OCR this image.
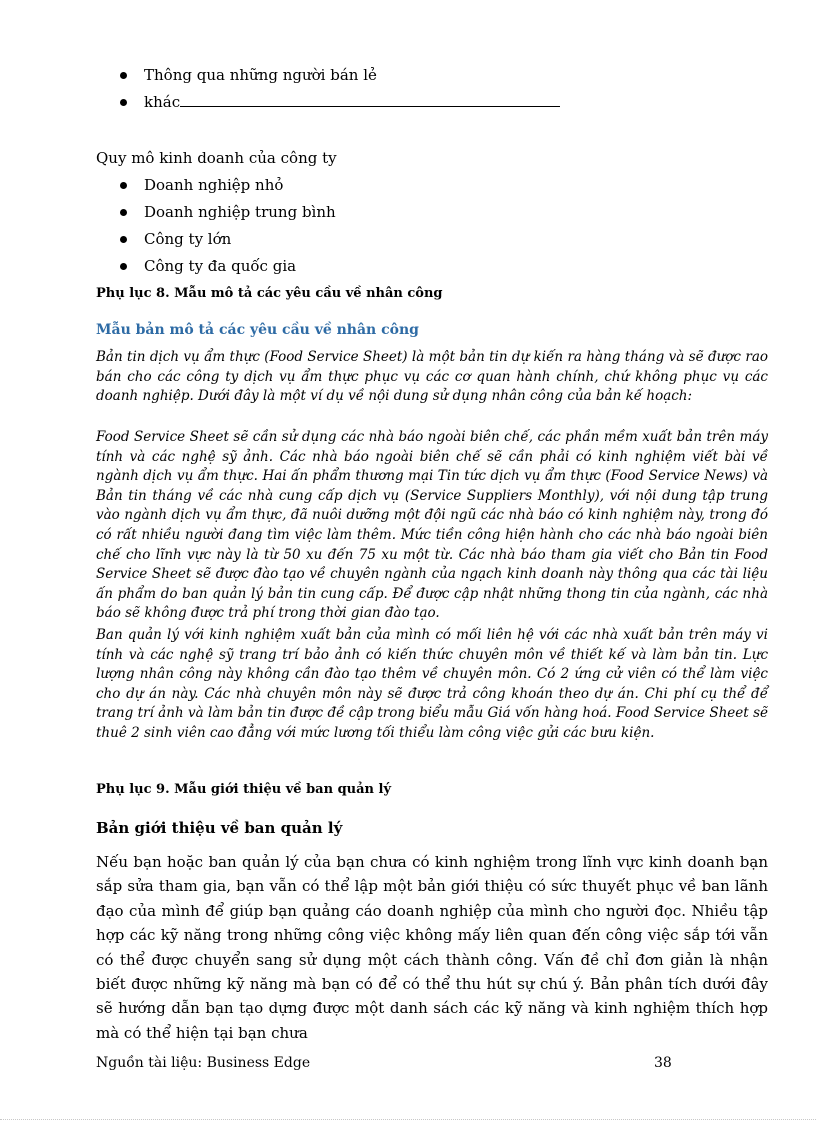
Thông qua những người bán lẻ
khác
Quy mô kinh doanh của công ty
Doanh nghiệp nhỏ
Doanh nghiệp trung bình
Công ty lớn
Công ty đa quốc gia
Phụ lục 8. Mẫu mô tả các yêu cầu về nhân công
Mẫu bản mô tả các yêu cầu về nhân công
Bản tin dịch vụ ẩm thực (Food Service Sheet) là một bản tin dự kiến ra hàng tháng và sẽ được rao bán cho các công ty dịch vụ ẩm thực phục vụ các cơ quan hành chính, chứ không phục vụ các doanh nghiệp. Dưới đây là một ví dụ về nội dung sử dụng nhân công của bản kế hoạch:
Food Service Sheet sẽ cần sử dụng các nhà báo ngoài biên chế, các phần mềm xuất bản trên máy tính và các nghệ sỹ ảnh. Các nhà báo ngoài biên chế sẽ cần phải có kinh nghiệm viết bài về ngành dịch vụ ẩm thực. Hai ấn phẩm thương mại Tin tức dịch vụ ẩm thực (Food Service News) và Bản tin tháng về các nhà cung cấp dịch vụ (Service Suppliers Monthly), với nội dung tập trung vào ngành dịch vụ ẩm thực, đã nuôi dưỡng một đội ngũ các nhà báo có kinh nghiệm này, trong đó có rất nhiều người đang tìm việc làm thêm. Mức tiền công hiện hành cho các nhà báo ngoài biên chế cho lĩnh vực này là từ 50 xu đến 75 xu một từ. Các nhà báo tham gia viết cho Bản tin Food Service Sheet sẽ được đào tạo về chuyên ngành của ngạch kinh doanh này thông qua các tài liệu ấn phẩm do ban quản lý bản tin cung cấp. Để được cập nhật những thong tin của ngành, các nhà báo sẽ không được trả phí trong thời gian đào tạo.
Ban quản lý với kinh nghiệm xuất bản của mình có mối liên hệ với các nhà xuất bản trên máy vi tính và các nghệ sỹ trang trí bảo ảnh có kiến thức chuyên môn về thiết kế và làm bản tin. Lực lượng nhân công này không cần đào tạo thêm về chuyên môn. Có 2 ứng cử viên có thể làm việc cho dự án này. Các nhà chuyên môn này sẽ được trả công khoán theo dự án. Chi phí cụ thể để trang trí ảnh và làm bản tin được đề cập trong biểu mẫu Giá vốn hàng hoá. Food Service Sheet sẽ thuê 2 sinh viên cao đẳng với mức lương tối thiểu làm công việc gửi các bưu kiện.
Phụ lục 9. Mẫu giới thiệu về ban quản lý
Bản giới thiệu về ban quản lý
Nếu bạn hoặc ban quản lý của bạn chưa có kinh nghiệm trong lĩnh vực kinh doanh bạn sắp sửa tham gia, bạn vẫn có thể lập một bản giới thiệu có sức thuyết phục về ban lãnh đạo của mình để giúp bạn quảng cáo doanh nghiệp của mình cho người đọc. Nhiều tập hợp các kỹ năng trong những công việc không mấy liên quan đến công việc sắp tới vẫn có thể được chuyển sang sử dụng một cách thành công. Vấn đề chỉ đơn giản là nhận biết được những kỹ năng mà bạn có để có thể thu hút sự chú ý. Bản phân tích dưới đây sẽ hướng dẫn bạn tạo dựng được một danh sách các kỹ năng và kinh nghiệm thích hợp mà có thể hiện tại bạn chưa
Nguồn tài liệu: Business Edge	38
